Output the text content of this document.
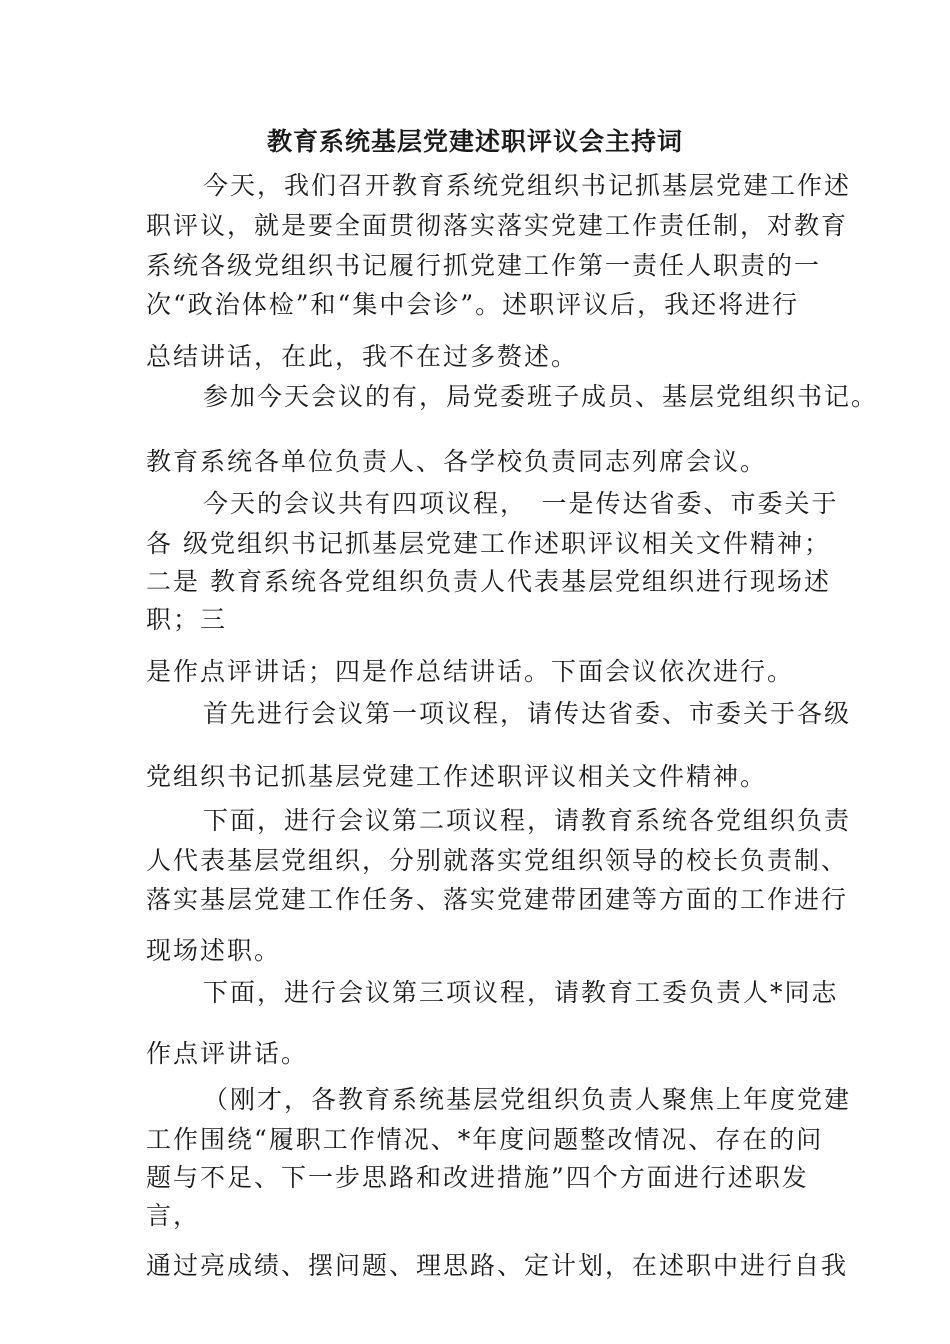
教育系统基层党建述职评议会主持词
今天，我们召开教育系统党组织书记抓基层党建工作述
职评议，就是要全面贯彻落实落实党建工作责任制，对教育
系统各级党组织书记履行抓党建工作第一责任人职责的一
次“政治体检”和“集中会诊”。述职评议后，我还将进行
总结讲话，在此，我不在过多赘述。
参加今天会议的有，局党委班子成员、基层党组织书记。
教育系统各单位负责人、各学校负责同志列席会议。
今天的会议共有四项议程，　一是传达省委、市委关于
各 级党组织书记抓基层党建工作述职评议相关文件精神；
二是 教育系统各党组织负责人代表基层党组织进行现场述
职；三
是作点评讲话；四是作总结讲话。下面会议依次进行。
首先进行会议第一项议程，请传达省委、市委关于各级
党组织书记抓基层党建工作述职评议相关文件精神。
下面，进行会议第二项议程，请教育系统各党组织负责
人代表基层党组织，分别就落实党组织领导的校长负责制、
落实基层党建工作任务、落实党建带团建等方面的工作进行
现场述职。
下面，进行会议第三项议程，请教育工委负责人*同志
作点评讲话。
（刚才，各教育系统基层党组织负责人聚焦上年度党建
工作围绕“履职工作情况、*年度问题整改情况、存在的问
题与不足、下一步思路和改进措施”四个方面进行述职发
言，
通过亮成绩、摆问题、理思路、定计划，在述职中进行自我
